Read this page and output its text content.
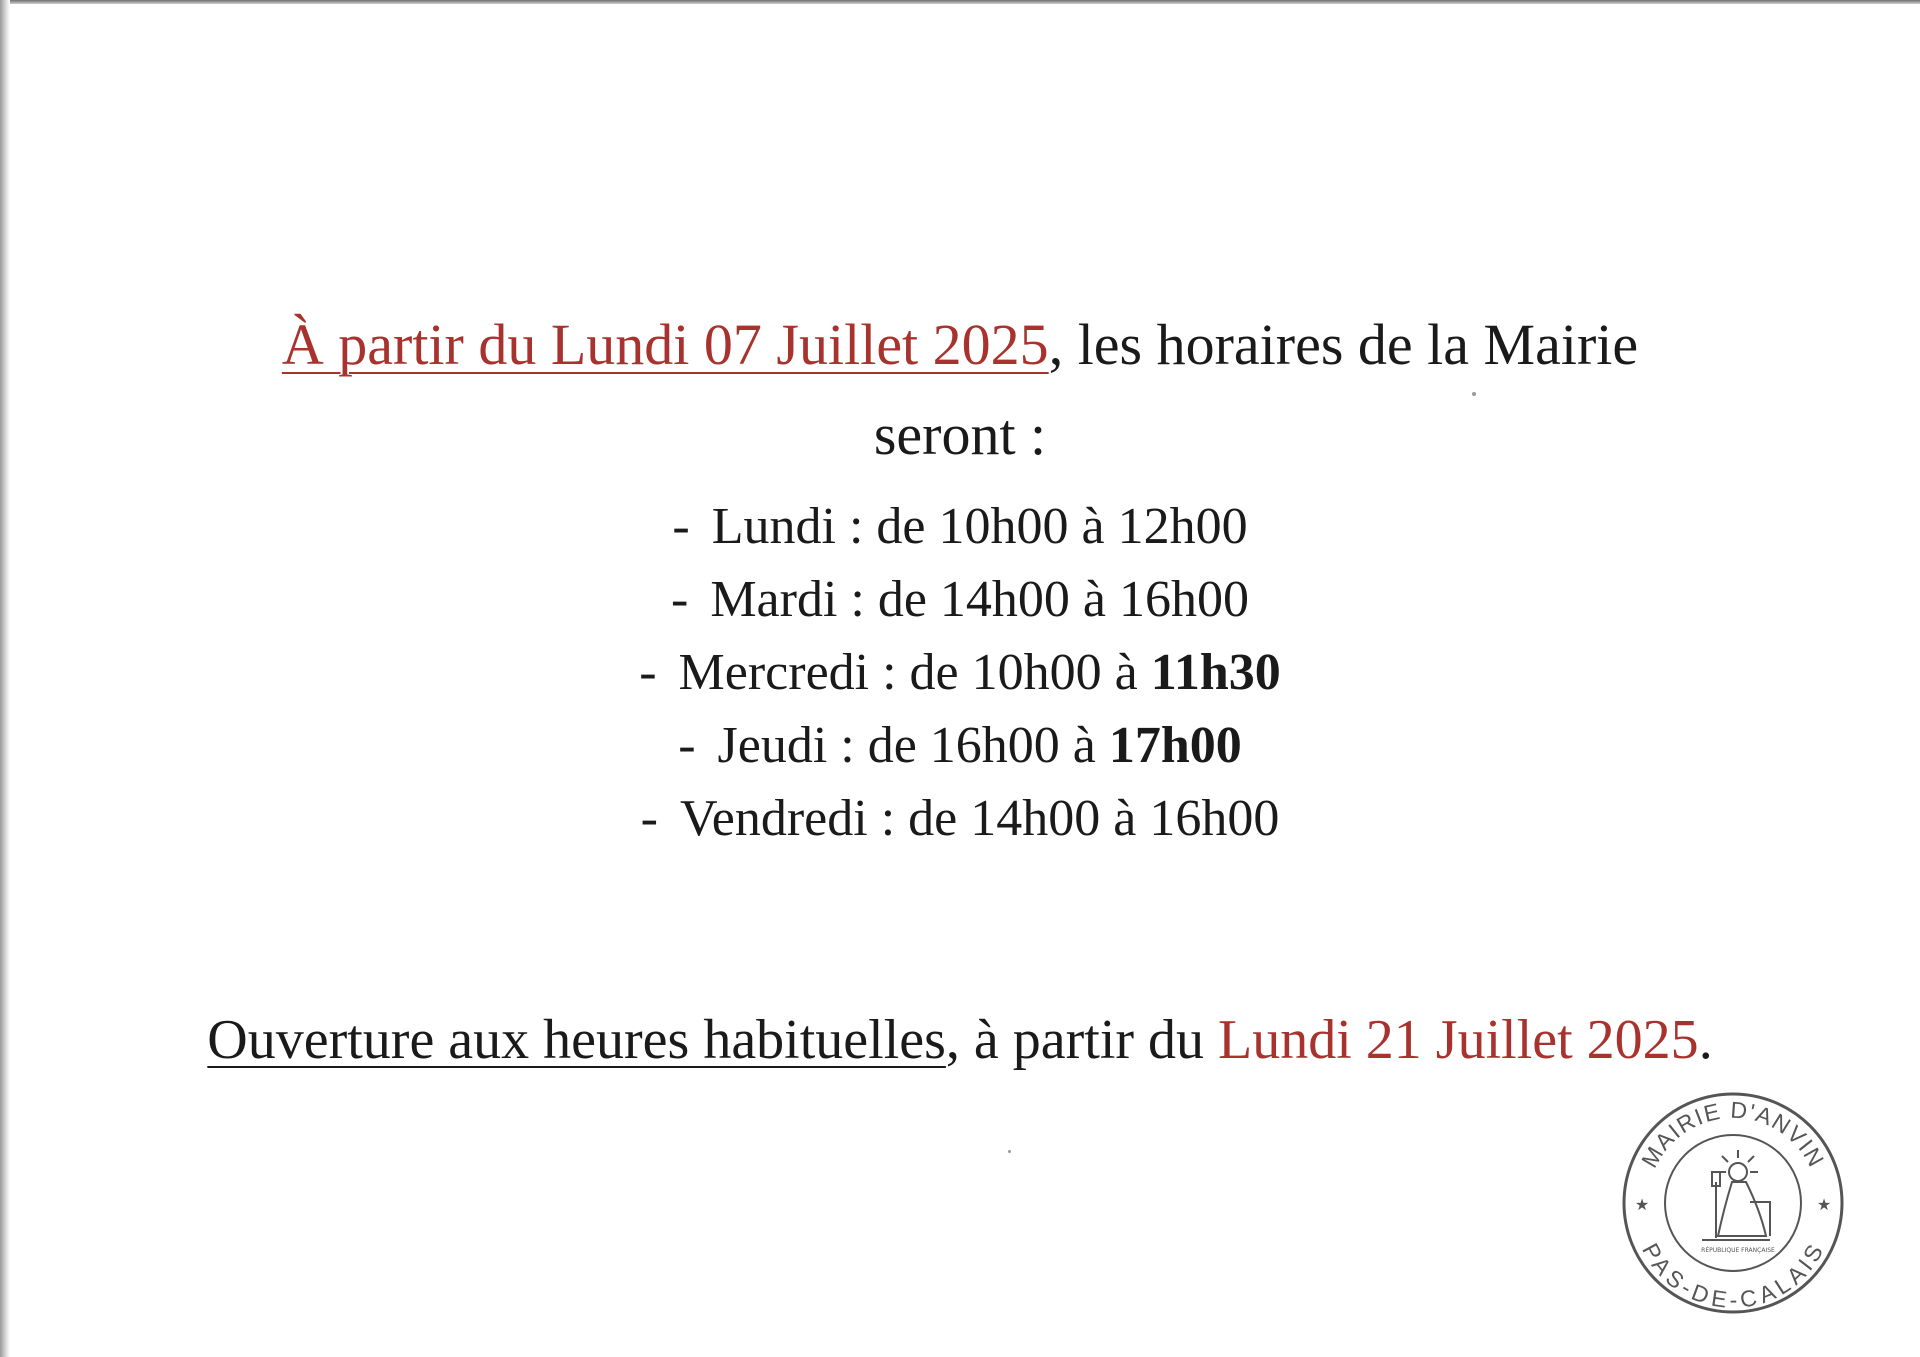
À partir du Lundi 07 Juillet 2025, les horaires de la Mairie
seront :

- Lundi : de 10h00 à 12h00
- Mardi : de 14h00 à 16h00
- Mercredi : de 10h00 à 11h30
- Jeudi : de 16h00 à 17h00
- Vendredi : de 14h00 à 16h00

Ouverture aux heures habituelles, à partir du Lundi 21 Juillet 2025.

MAIRIE D'ANVIN
PAS-DE-CALAIS
★	★
RÉPUBLIQUE FRANÇAISE
